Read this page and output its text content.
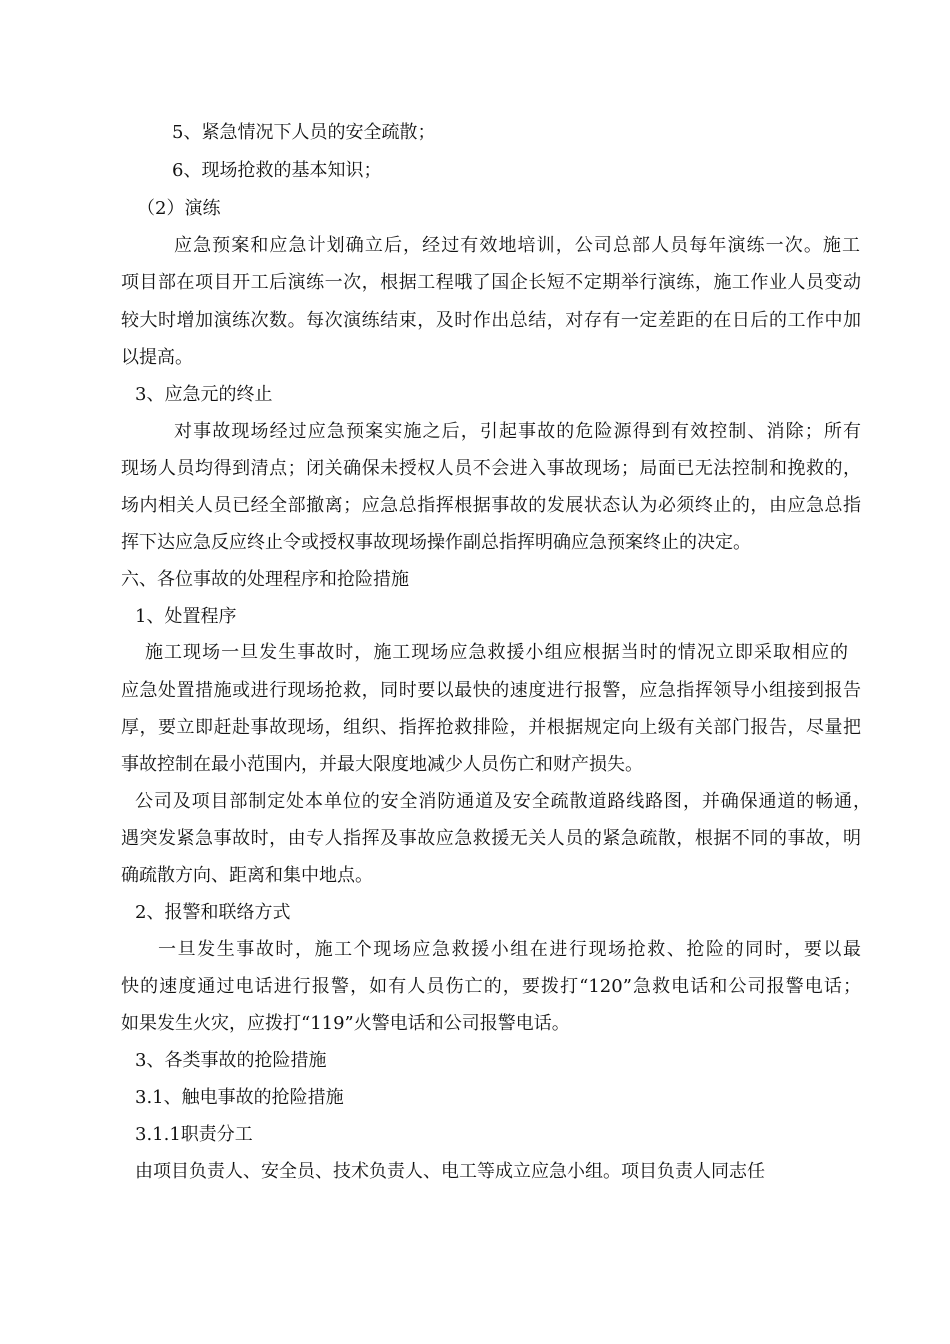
5、紧急情况下人员的安全疏散；
6、现场抢救的基本知识；
（2）演练
应急预案和应急计划确立后，经过有效地培训，公司总部人员每年演练一次。施工
项目部在项目开工后演练一次，根据工程哦了国企长短不定期举行演练，施工作业人员变动
较大时增加演练次数。每次演练结束，及时作出总结，对存有一定差距的在日后的工作中加
以提高。
3、应急元的终止
对事故现场经过应急预案实施之后，引起事故的危险源得到有效控制、消除；所有
现场人员均得到清点；闭关确保未授权人员不会进入事故现场；局面已无法控制和挽救的，
场内相关人员已经全部撤离；应急总指挥根据事故的发展状态认为必须终止的，由应急总指
挥下达应急反应终止令或授权事故现场操作副总指挥明确应急预案终止的决定。
六、各位事故的处理程序和抢险措施
1、处置程序
施工现场一旦发生事故时，施工现场应急救援小组应根据当时的情况立即采取相应的
应急处置措施或进行现场抢救，同时要以最快的速度进行报警，应急指挥领导小组接到报告
厚，要立即赶赴事故现场，组织、指挥抢救排险，并根据规定向上级有关部门报告，尽量把
事故控制在最小范围内，并最大限度地减少人员伤亡和财产损失。
公司及项目部制定处本单位的安全消防通道及安全疏散道路线路图，并确保通道的畅通，
遇突发紧急事故时，由专人指挥及事故应急救援无关人员的紧急疏散，根据不同的事故，明
确疏散方向、距离和集中地点。
2、报警和联络方式
一旦发生事故时，施工个现场应急救援小组在进行现场抢救、抢险的同时，要以最
快的速度通过电话进行报警，如有人员伤亡的，要拨打“120”急救电话和公司报警电话；
如果发生火灾，应拨打“119”火警电话和公司报警电话。
3、各类事故的抢险措施
3.1、触电事故的抢险措施
3.1.1职责分工
由项目负责人、安全员、技术负责人、电工等成立应急小组。项目负责人同志任
